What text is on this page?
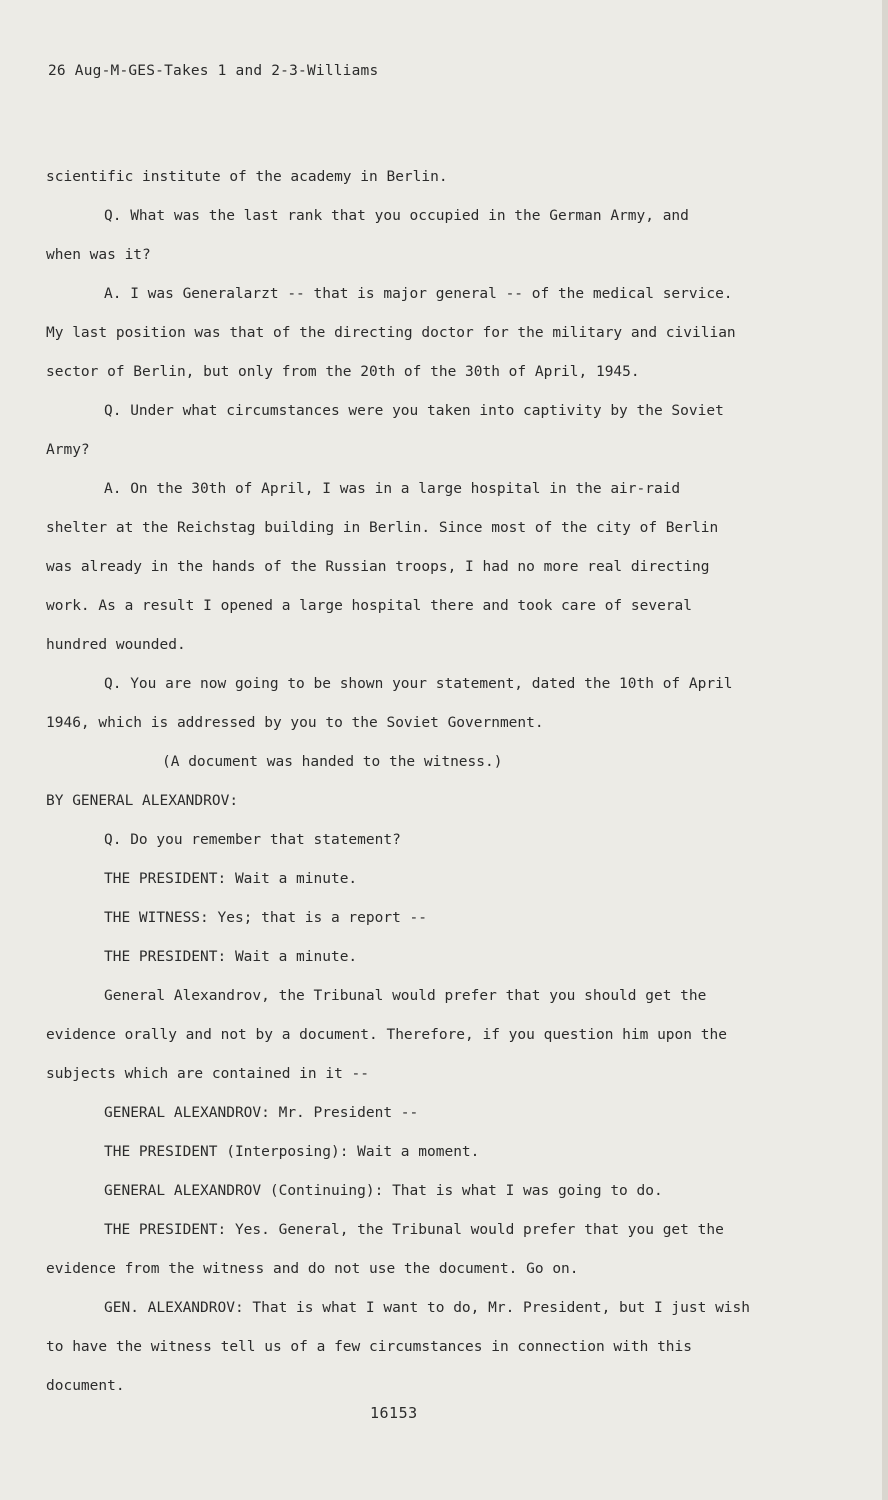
26 Aug-M-GES-Takes 1 and 2-3-Williams
scientific institute of the academy in Berlin.
Q. What was the last rank that you occupied in the German Army, and
when was it?
A. I was Generalarzt -- that is major general -- of the medical service.
My last position was that of the directing doctor for the military and civilian
sector of Berlin, but only from the 20th of the 30th of April, 1945.
Q. Under what circumstances were you taken into captivity by the Soviet
Army?
A. On the 30th of April, I was in a large hospital in the air-raid
shelter at the Reichstag building in Berlin. Since most of the city of Berlin
was already in the hands of the Russian troops, I had no more real directing
work. As a result I opened a large hospital there and took care of several
hundred wounded.
Q. You are now going to be shown your statement, dated the 10th of April
1946, which is addressed by you to the Soviet Government.
(A document was handed to the witness.)
BY GENERAL ALEXANDROV:
Q. Do you remember that statement?
THE PRESIDENT: Wait a minute.
THE WITNESS: Yes; that is a report --
THE PRESIDENT: Wait a minute.
General Alexandrov, the Tribunal would prefer that you should get the
evidence orally and not by a document. Therefore, if you question him upon the
subjects which are contained in it --
GENERAL ALEXANDROV: Mr. President --
THE PRESIDENT (Interposing): Wait a moment.
GENERAL ALEXANDROV (Continuing): That is what I was going to do.
THE PRESIDENT: Yes. General, the Tribunal would prefer that you get the
evidence from the witness and do not use the document. Go on.
GEN. ALEXANDROV: That is what I want to do, Mr. President, but I just wish
to have the witness tell us of a few circumstances in connection with this
document.
16153
